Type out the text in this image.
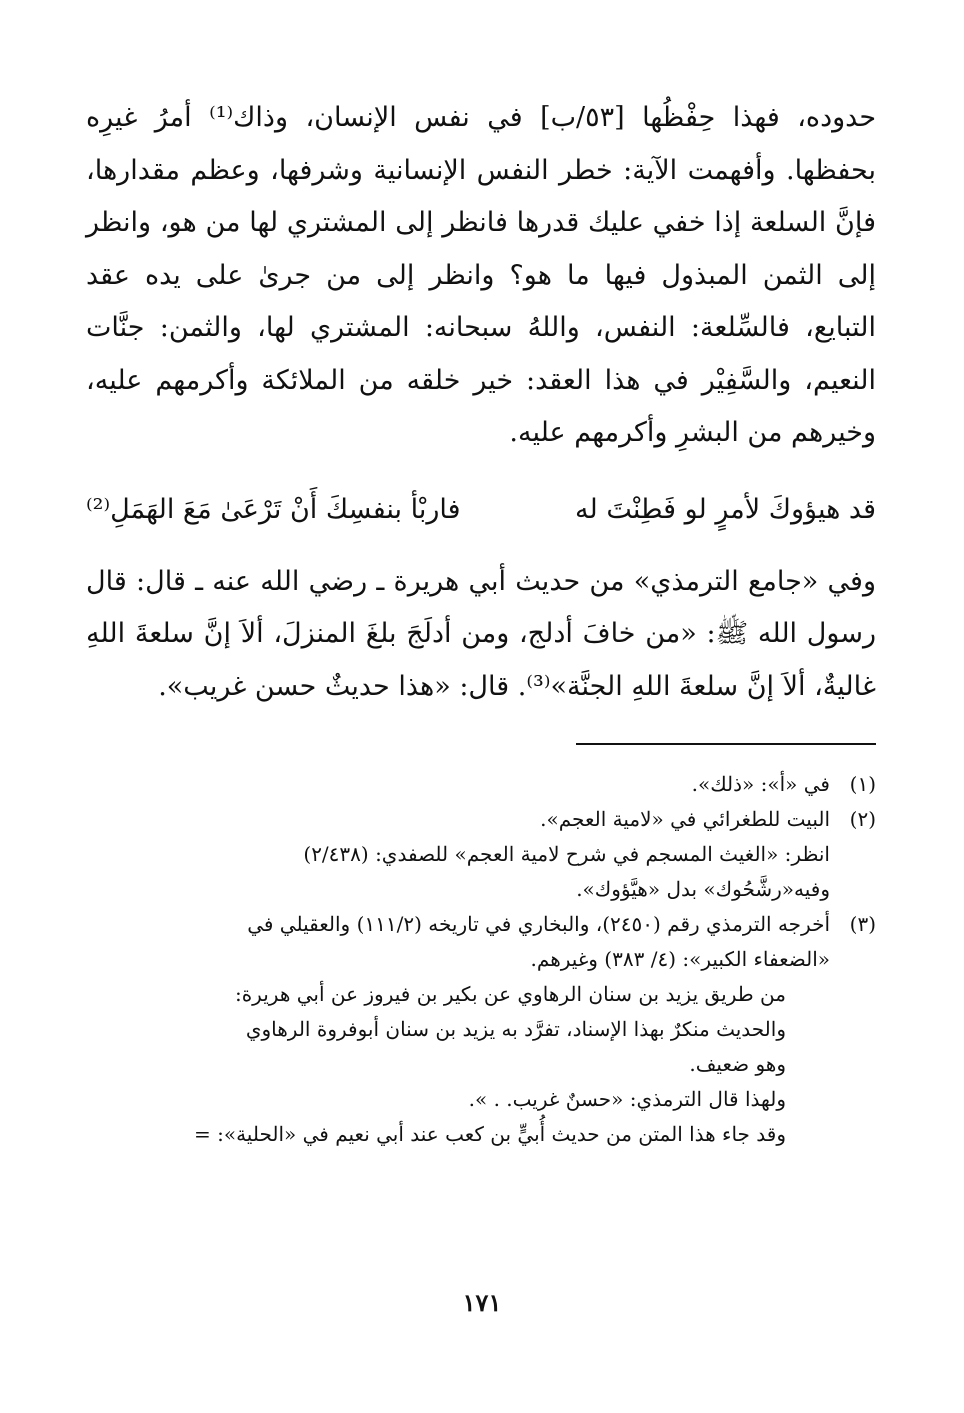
حدوده، فهذا حِفْظُها [٥٣/ب] في نفس الإنسان، وذاك⁽¹⁾ أمرُ غيرِه بحفظها. وأفهمت الآية: خطر النفس الإنسانية وشرفها، وعظم مقدارها، فإنَّ السلعة إذا خفي عليك قدرها فانظر إلى المشتري لها من هو، وانظر إلى الثمن المبذول فيها ما هو؟ وانظر إلى من جرىٰ على يده عقد التبايع، فالسِّلعة: النفس، واللهُ سبحانه: المشتري لها، والثمن: جنَّات النعيم، والسَّفِيْر في هذا العقد: خير خلقه من الملائكة وأكرمهم عليه، وخيرهم من البشرِ وأكرمهم عليه.

قد هيؤوكَ لأمرٍ لو فَطِنْتَ له
فاربْأ بنفسِكَ أَنْ تَرْعَىٰ مَعَ الهَمَلِ⁽²⁾

وفي «جامع الترمذي» من حديث أبي هريرة ـ رضي الله عنه ـ قال: قال رسول الله ﷺ: «من خافَ أدلج، ومن أدلَجَ بلغَ المنزلَ، ألاَ إنَّ سلعةَ اللهِ غاليةٌ، ألاَ إنَّ سلعةَ اللهِ الجنَّة»⁽³⁾. قال: «هذا حديثٌ حسن غريب».

(١)
في «أ»: «ذلك».
(٢)
البيت للطغرائي في «لامية العجم».
انظر: «الغيث المسجم في شرح لامية العجم» للصفدي: (٢/٤٣٨)
وفيه«رشَّحُوك» بدل «هيَّؤوك».
(٣)
أخرجه الترمذي رقم (٢٤٥٠)، والبخاري في تاريخه (١١١/٢) والعقيلي في
«الضعفاء الكبير»: (٤/ ٣٨٣) وغيرهم.
من طريق يزيد بن سنان الرهاوي عن بكير بن فيروز عن أبي هريرة:
والحديث منكرٌ بهذا الإسناد، تفرَّد به يزيد بن سنان أبوفروة الرهاوي
وهو ضعيف.
ولهذا قال الترمذي: «حسنٌ غريب. . ».
وقد جاء هذا المتن من حديث أُبيٍّ بن كعب عند أبي نعيم في «الحلية»: =
١٧١
